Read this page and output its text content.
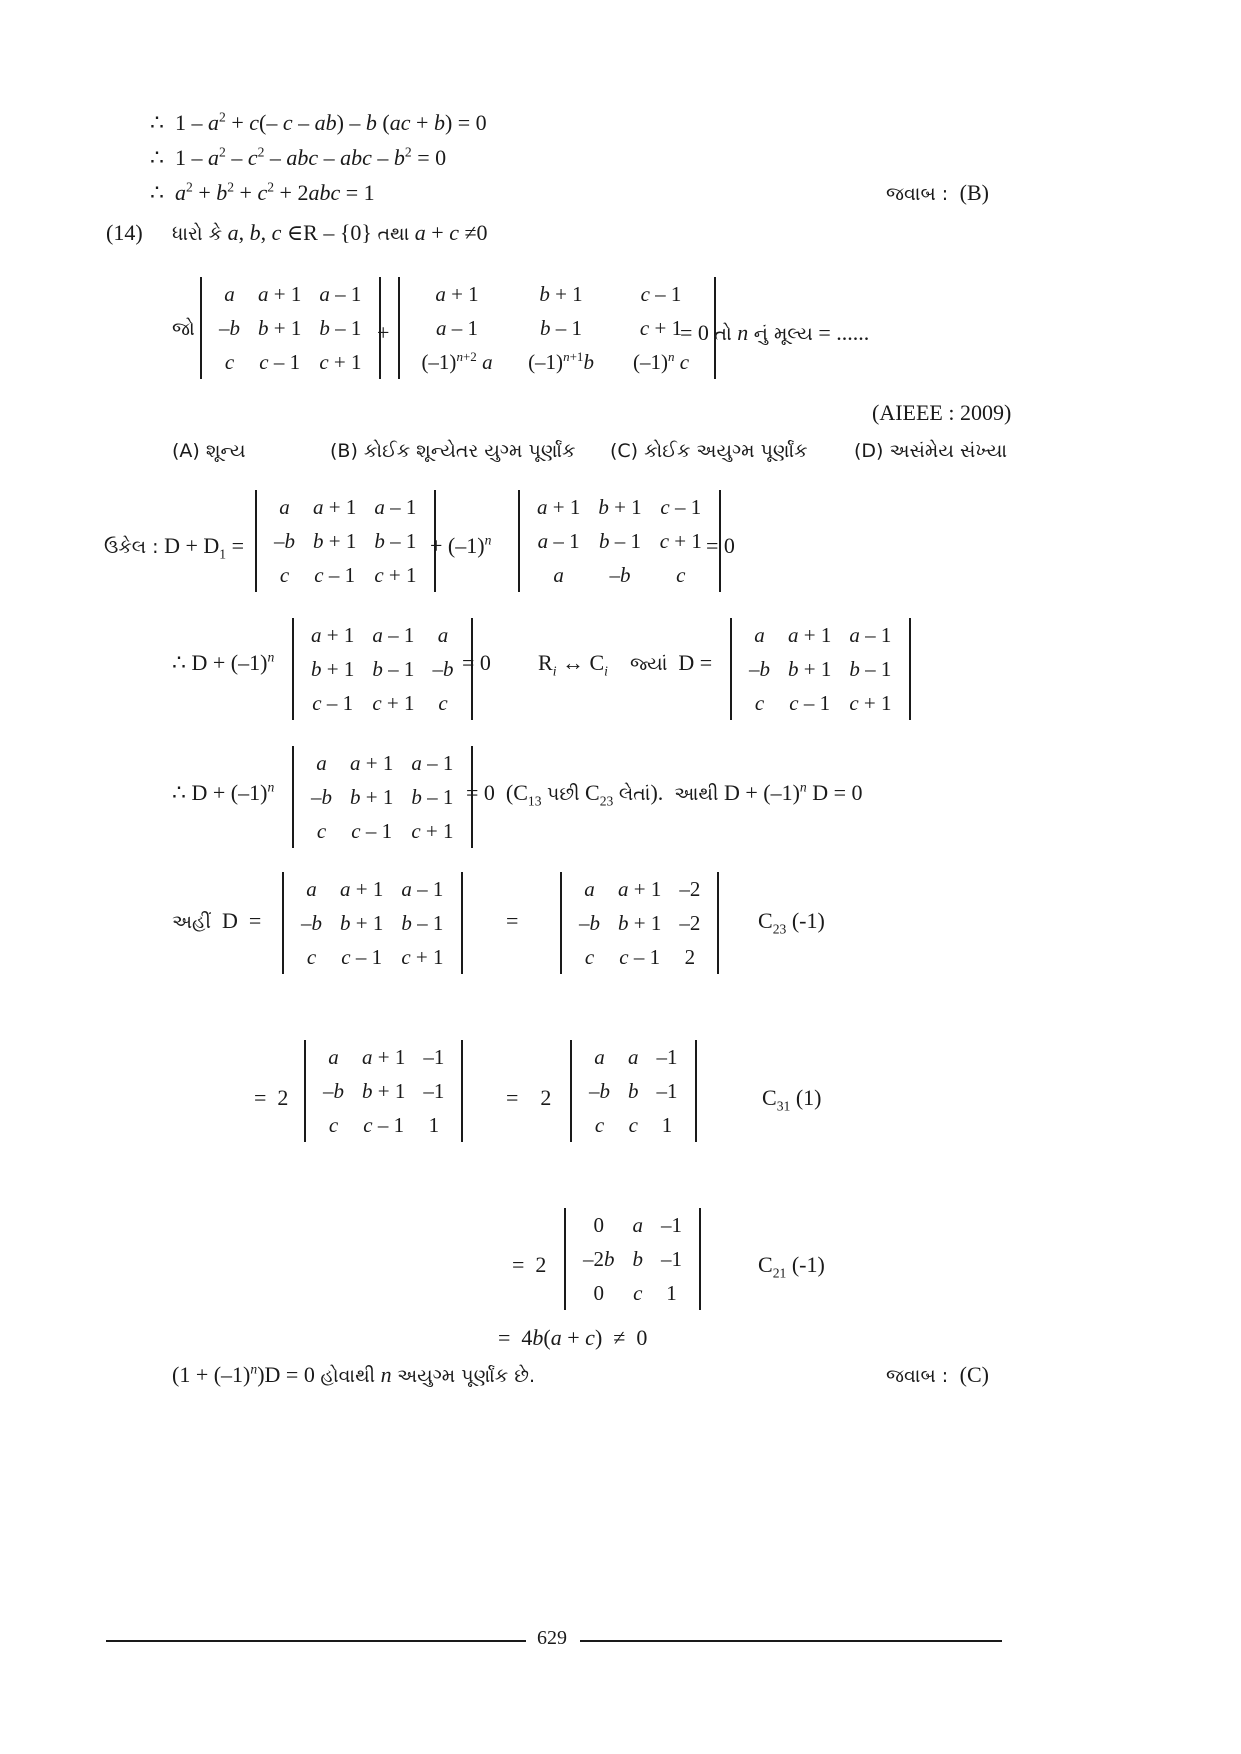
∴  $1 - a^2 + c(-$ c – ab) – b (ac + b) = 0
∴  $1 - a^2 - c^2$ – abc – abc – $b^2 = 0$
∴  $a^2 + b^2 + c^2 + 2abc = 1$	જવાબ : (B)
(14) ધારો કે a, b, c ∈R – {0} તથા a + c ≠0
જો
a	a + 1	a – 1
–b	b + 1	b – 1
c	c – 1	c + 1
+
a + 1	b + 1	c – 1
a – 1	b – 1	c + 1
$(-1)^{n+2}$ a	$(-1)^{n+1}b$	$(-1)^n$ c
= 0 તો n નું મૂલ્ય = ......
(AIEEE : 2009)
(A) શૂન્ય	(B) કોઈક શૂન્યેતર યુગ્મ પૂર્ણાંક (C) કોઈક અયુગ્મ પૂર્ણાંક (D) અસંમેય સંખ્યા
ઉકેલ : $D + D_1$ =
a	a + 1	a – 1
–b	b + 1	b – 1
c	c – 1	c + 1
+ $(-1)^n$
a + 1	b + 1	c – 1
a – 1	b – 1	c + 1
a	–b	c
= 0
∴ $D + (-1)^n$
a + 1	a – 1	a
b + 1	b – 1	–b
c – 1	c + 1	c
= 0 $R_i$ ↔ $C_i$ જ્યાં  D =
a	a + 1	a – 1
–b	b + 1	b – 1
c	c – 1	c + 1
∴ $D + (-1)^n$
a	a + 1	a – 1
–b	b + 1	b – 1
c	c – 1	c + 1
= 0  ($C_{13}$ પછી $C_{23}$ લેતાં).  આથી $D + (-1)^n$ D = 0
અહીં  D  =
a	a + 1	a – 1
–b	b + 1	b – 1
c	c – 1	c + 1
=
a	a + 1	–2
–b	b + 1	–2
c	c – 1	2
$C_{23}$ (-1)
=  2
a	a + 1	–1
–b	b + 1	–1
c	c – 1	1
=    2
a	a	–1
–b	b	–1
c	c	1
$C_{31}$ (1)
=  2
0	a	–1
–2b	b	–1
0	c	1
$C_{21}$ (-1)
=  4b(a + c)  ≠  0
$(1 + (-1)^n)D = 0$ હોવાથી n અયુગ્મ પૂર્ણાંક છે.	જવાબ : (C)
629
